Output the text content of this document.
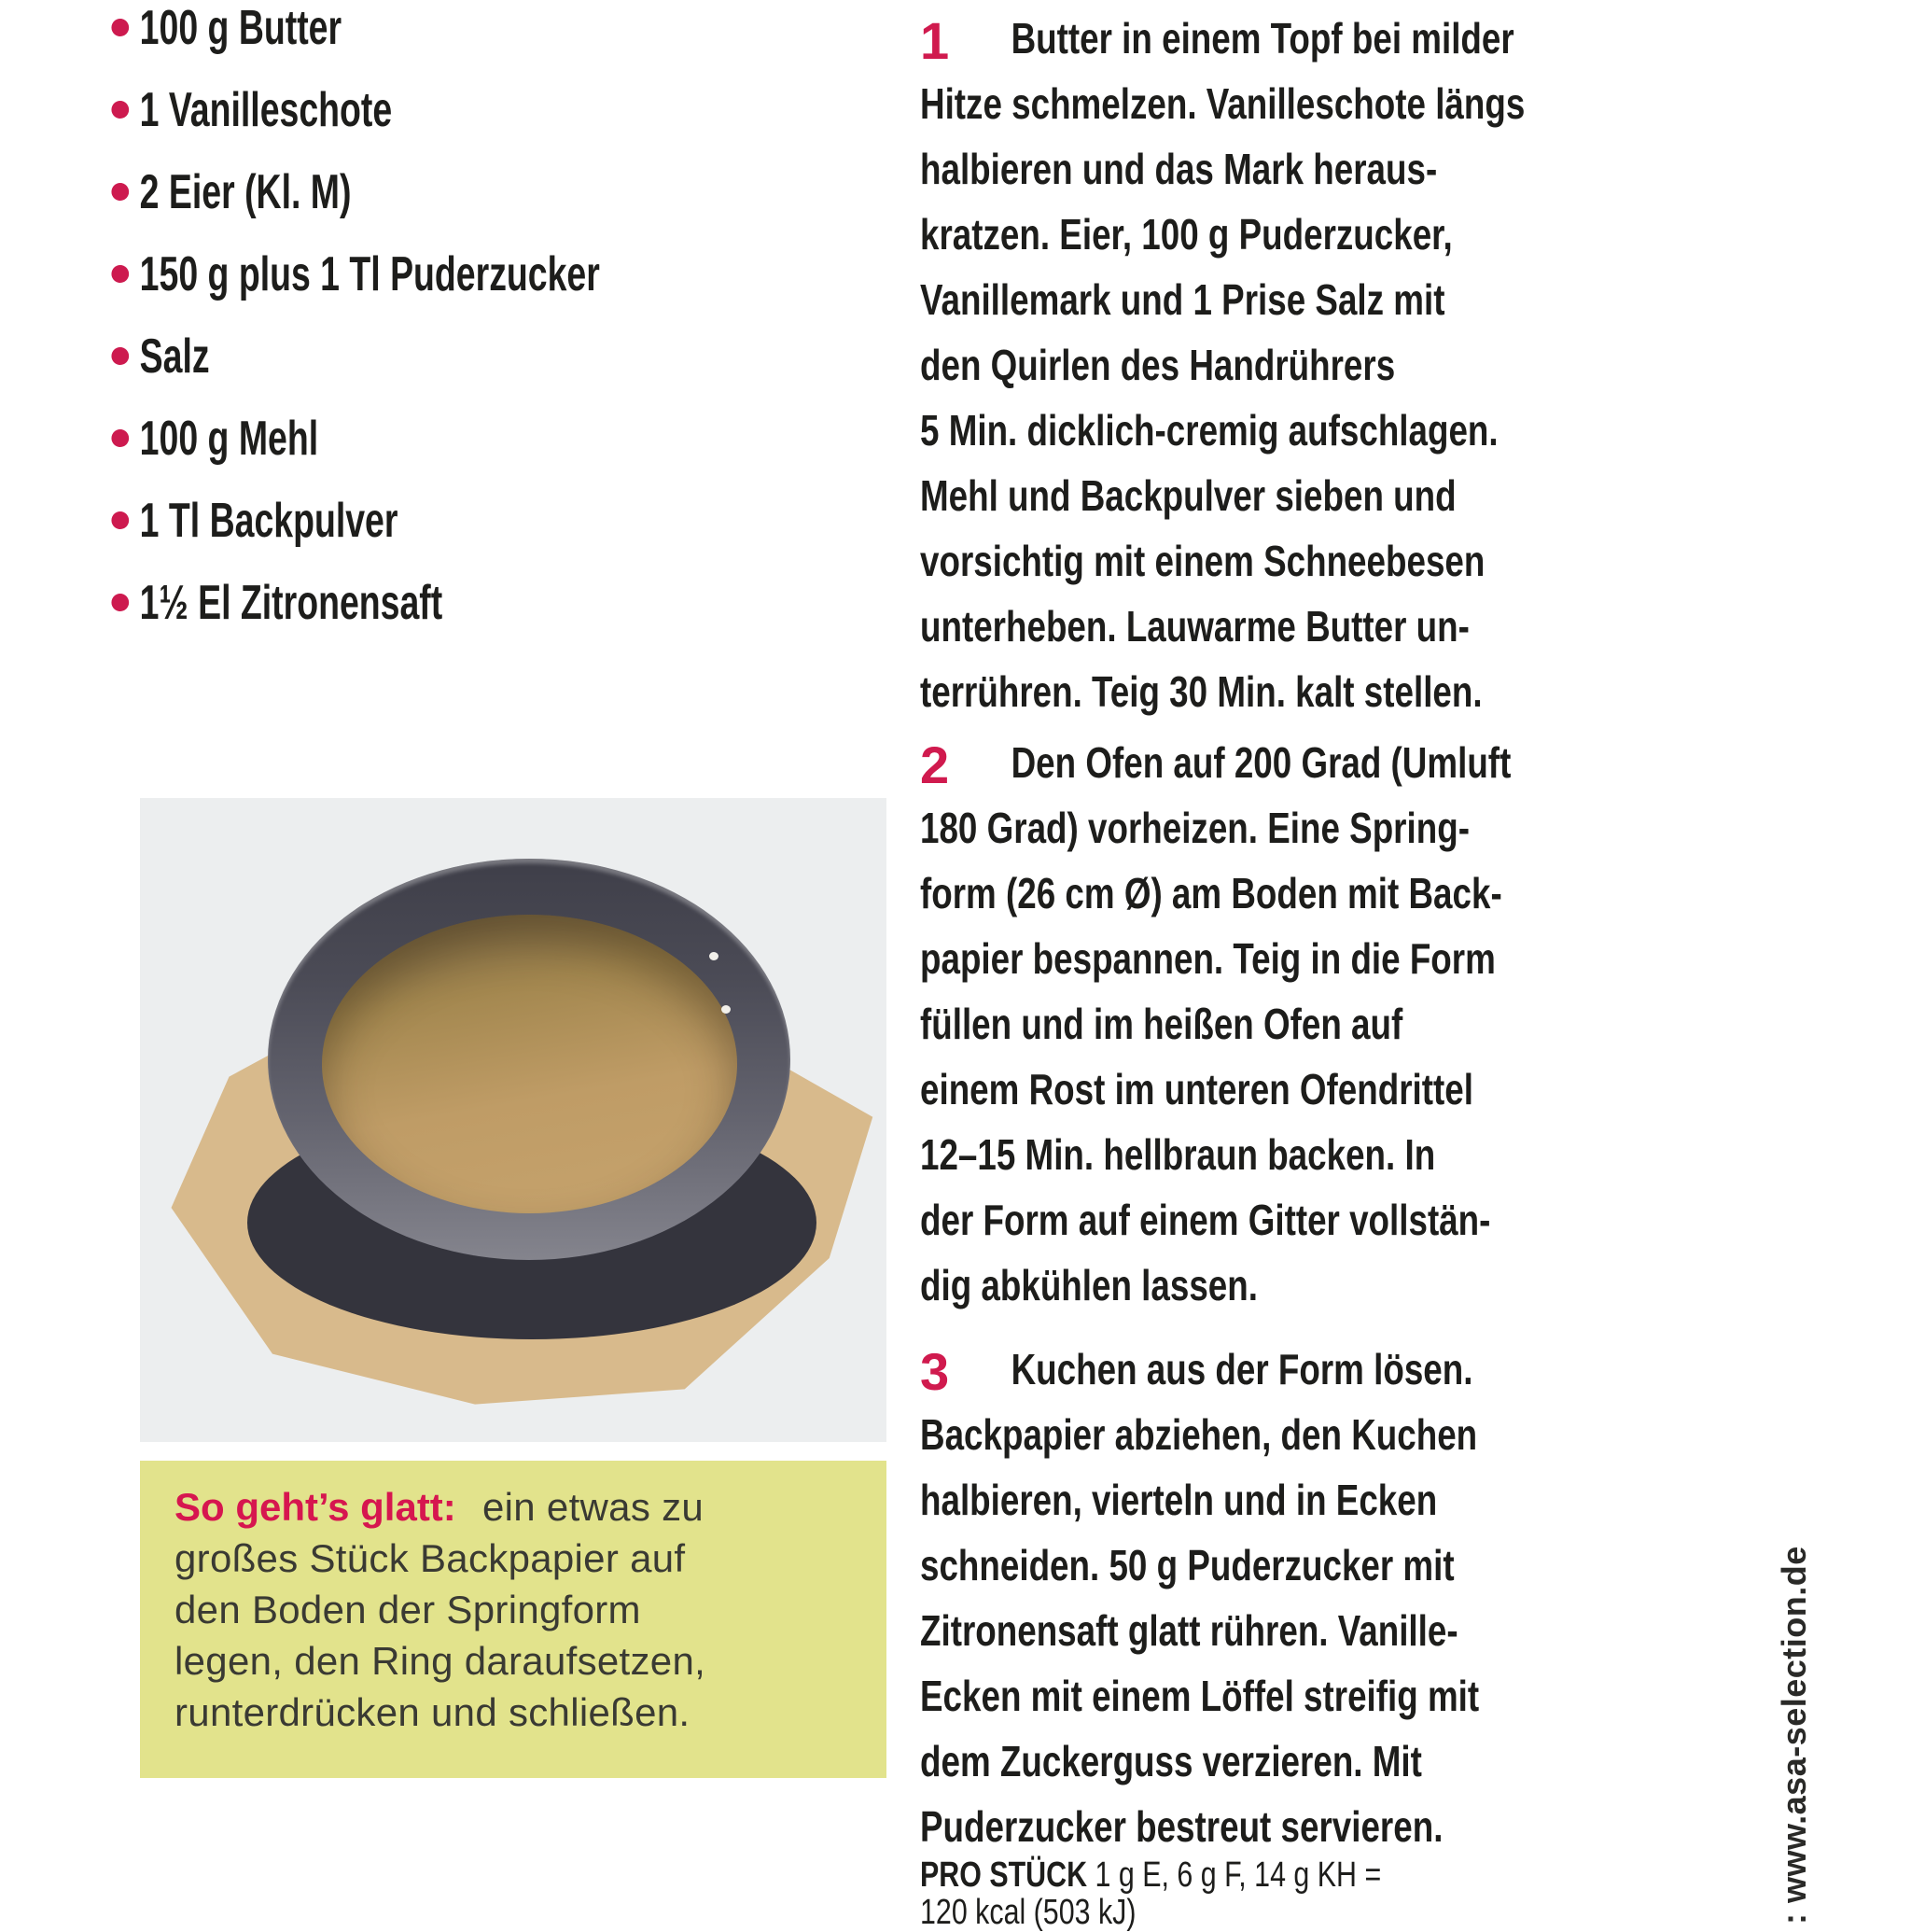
100 g Butter
1 Vanilleschote
2 Eier (Kl. M)
150 g plus 1 Tl Puderzucker
Salz
100 g Mehl
1 Tl Backpulver
1½ El Zitronensaft
So geht’s glatt: ein etwas zu
großes Stück Backpapier auf
den Boden der Springform
legen, den Ring daraufsetzen,
runterdrücken und schließen.
1	Butter in einem Topf bei milder
Hitze schmelzen. Vanilleschote längs
halbieren und das Mark heraus-
kratzen. Eier, 100 g Puderzucker,
Vanillemark und 1 Prise Salz mit
den Quirlen des Handrührers
5 Min. dicklich-cremig aufschlagen.
Mehl und Backpulver sieben und
vorsichtig mit einem Schneebesen
unterheben. Lauwarme Butter un-
terrühren. Teig 30 Min. kalt stellen.
2	Den Ofen auf 200 Grad (Umluft
180 Grad) vorheizen. Eine Spring-
form (26 cm Ø) am Boden mit Back-
papier bespannen. Teig in die Form
füllen und im heißen Ofen auf
einem Rost im unteren Ofendrittel
12–15 Min. hellbraun backen. In
der Form auf einem Gitter vollstän-
dig abkühlen lassen.
3	Kuchen aus der Form lösen.
Backpapier abziehen, den Kuchen
halbieren, vierteln und in Ecken
schneiden. 50 g Puderzucker mit
Zitronensaft glatt rühren. Vanille-
Ecken mit einem Löffel streifig mit
dem Zuckerguss verzieren. Mit
Puderzucker bestreut servieren.
PRO STÜCK 1 g E, 6 g F, 14 g KH =
120 kcal (503 kJ)	: www.asa-selection.de
